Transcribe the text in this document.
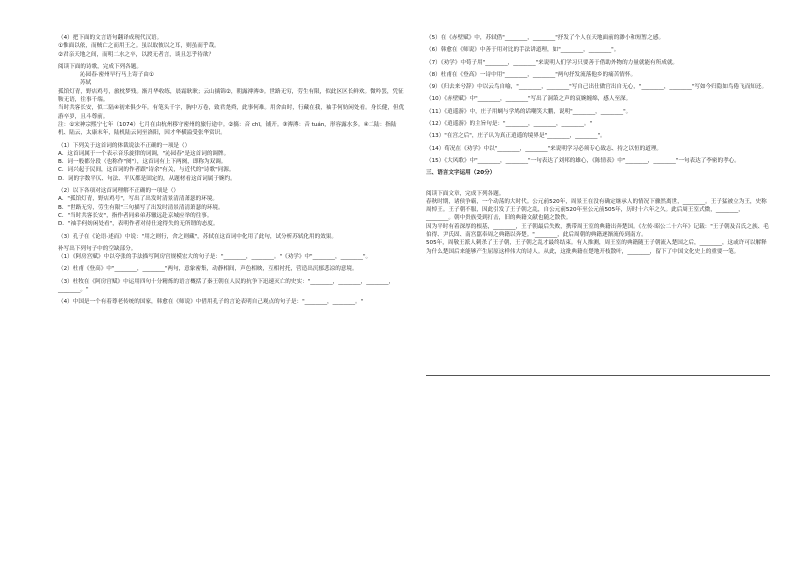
（4）把下面的文言语句翻译成现代汉语。

①惟面以依，而贼亡之而用王之。虽以取彼以之耳，则虽而乎哉。

②君亲天地之间，而明二水之卒，以渡无者言，谈且怎乎待欲？

阅读下面的诗歌，完成下列各题。

沁园春·密州早行马上寄子由①

苏轼

孤馆灯青，野店鸡号，旅枕梦残。渐月华收练，晨霜耿耿；云山摛锦②，朝露漙漙③。世路无穷，劳生有限，似此区区长鲜欢。微吟罢，凭征鞍无语，往事千端。

当时共客长安，似二陆④初来俱少年。有笔头千字，胸中万卷，致君尧舜，此事何难。用舍由时，行藏在我，袖手何妨闲处看。身长健，但优游卒岁，且斗尊前。

注：①宋神宗熙宁七年（1074）七月在由杭州移守密州的旅行途中。②摛：音 chī，铺开。③漙漙：音 tuán，形容露水多。④二陆：指陆机、陆云，太康末年，陆机陆云同至洛阳，因才华横溢受张华赏识。

（1）下列关于这首词的体裁说法不正确的一项是（）

A．这首词属于一个表示音乐旋律的词调，"沁园春"是这首词的调牌。

B．词一般都分段（也称作"阕"），这首词有上下两阕，即称为双调。

C．词兴起于民间，这首词的作者跟"诗余"有关，与近代的"诗歌"同源。

D．词的字数平仄、句法、平仄都是固定的，从题材看这首词属于婉约。

（2）以下各项对这首词理解不正确的一项是（）

A．"孤馆灯青，野店鸡号"，写出了出发时清景清清萧瑟的环境。

B．"世路无穷，劳生有限"三句描写了出发时清景清清萧瑟的环境。

C．"当时共客长安"，指作者同弟弟苏辙远赴京城应举的往事。

D．"袖手何妨闲处看"，表明作者对待仕途得失的无所谓的态度。

（3）孔子在《论语·述而》中说："用之则行，舍之则藏"，苏轼在这首词中化用了此句，试分析苏轼化用的效果。

补写出下列句子中的空缺部分。

（1）《阿房宫赋》中以夸张的手法描写阿房宫规模宏大的句子是："________，________。"《劝学》中"________，________"。

（2）杜甫《登高》中"________，________"两句，意象密集，动静相间，声色相映，互相衬托，营造出沉郁悲凉的意境。

（3）杜牧在《阿房宫赋》中运用四句十分精炼的语言概括了秦王朝在人民的抗争下迅速灭亡的史实："________，________，________，________。"

（4）中国是一个有着尊老传统的国家，韩愈在《师说》中借用孔子的言论表明自己观点的句子是："________，________。"

（5）在《赤壁赋》中，苏轼借"________，________"抒发了个人在天地面前的渺小和短暂之感。

（6）韩愈在《师说》中善于用对比的手法讲道理，如"________，________"。

（7）《劝学》中荀子用"________，________"来说明人们学习只要善于借助外物的力量就能有所成就。

（8）杜甫在《登高》一诗中用"________，________"两句抒发流落他乡的痛苦情怀。

（9）《归去来兮辞》中以云鸟自喻，"________，________"写自己出仕做官出自无心，"________，________"写如今归隐如鸟倦飞而知还。

（10）《赤壁赋》中"________，________"写出了洞箫之声的哀婉缠绵，感人至深。

（11）《逍遥游》中，庄子用蜩与学鸠的话嘲笑大鹏，说明"________，________"。

（12）《逍遥游》的主旨句是："________，________，________。"

（13）"在宫之后"，庄子认为真正逍遥的境界是"________，________"。

（14）荀况在《劝学》中以"________，________"来说明学习必须专心致志、持之以恒的道理。

（15）《大风歌》中"________，________"一句表达了刘邦的雄心，《陈情表》中"________，________"一句表达了李密的孝心。

三、语言文字运用（20分）

阅读下面文章，完成下列各题。

春秋时期，诸侯争霸，一个动荡的大时代。公元前520年，周景王在没有确定继承人的情况下骤然离世，________。王子猛被立为王，史称周悼王。王子朝不服，因此引发了王子朝之乱，自公元前520年至公元前505年，历时十六年之久。此后周王室式微，________，________。朝中贵族受到打击，旧的典籍文献也随之散佚。

因为平时有着深厚的根基，________，王子朝最后失败，携带周王室的典籍出奔楚国。《左传·昭公二十六年》记载："王子朝及召氏之族、毛伯得、尹氏固、南宫嚚奉周之典籍以奔楚。"________，此后周朝的典籍逐渐流传到南方。

505年，周敬王派人刺杀了王子朝，王子朝之乱才最终结束。有人推测，周王室的典籍随王子朝流入楚国之后，________，这或许可以解释为什么楚国后来能够产生屈原这样伟大的诗人。从此，这批典籍在楚地开枝散叶，________，留下了中国文化史上的重要一笔。
